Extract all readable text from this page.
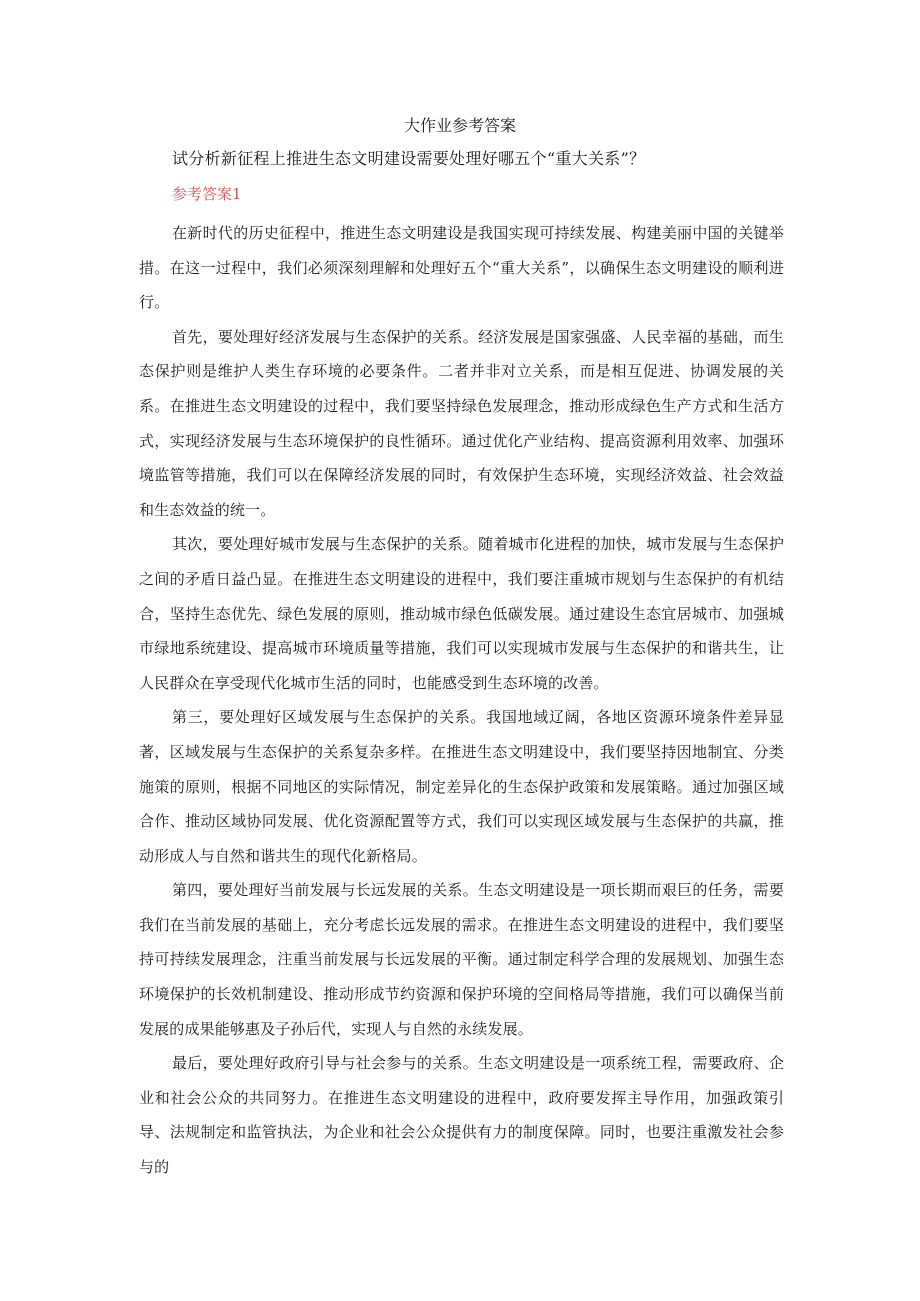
大作业参考答案
试分析新征程上推进生态文明建设需要处理好哪五个“重大关系”？
参考答案1

在新时代的历史征程中，推进生态文明建设是我国实现可持续发展、构建美丽中国的关键举措。在这一过程中，我们必须深刻理解和处理好五个“重大关系”，以确保生态文明建设的顺利进行。

首先，要处理好经济发展与生态保护的关系。经济发展是国家强盛、人民幸福的基础，而生态保护则是维护人类生存环境的必要条件。二者并非对立关系，而是相互促进、协调发展的关系。在推进生态文明建设的过程中，我们要坚持绿色发展理念，推动形成绿色生产方式和生活方式，实现经济发展与生态环境保护的良性循环。通过优化产业结构、提高资源利用效率、加强环境监管等措施，我们可以在保障经济发展的同时，有效保护生态环境，实现经济效益、社会效益和生态效益的统一。

其次，要处理好城市发展与生态保护的关系。随着城市化进程的加快，城市发展与生态保护之间的矛盾日益凸显。在推进生态文明建设的进程中，我们要注重城市规划与生态保护的有机结合，坚持生态优先、绿色发展的原则，推动城市绿色低碳发展。通过建设生态宜居城市、加强城市绿地系统建设、提高城市环境质量等措施，我们可以实现城市发展与生态保护的和谐共生，让人民群众在享受现代化城市生活的同时，也能感受到生态环境的改善。

第三，要处理好区域发展与生态保护的关系。我国地域辽阔，各地区资源环境条件差异显著，区域发展与生态保护的关系复杂多样。在推进生态文明建设中，我们要坚持因地制宜、分类施策的原则，根据不同地区的实际情况，制定差异化的生态保护政策和发展策略。通过加强区域合作、推动区域协同发展、优化资源配置等方式，我们可以实现区域发展与生态保护的共赢，推动形成人与自然和谐共生的现代化新格局。

第四，要处理好当前发展与长远发展的关系。生态文明建设是一项长期而艰巨的任务，需要我们在当前发展的基础上，充分考虑长远发展的需求。在推进生态文明建设的进程中，我们要坚持可持续发展理念，注重当前发展与长远发展的平衡。通过制定科学合理的发展规划、加强生态环境保护的长效机制建设、推动形成节约资源和保护环境的空间格局等措施，我们可以确保当前发展的成果能够惠及子孙后代，实现人与自然的永续发展。

最后，要处理好政府引导与社会参与的关系。生态文明建设是一项系统工程，需要政府、企业和社会公众的共同努力。在推进生态文明建设的进程中，政府要发挥主导作用，加强政策引导、法规制定和监管执法，为企业和社会公众提供有力的制度保障。同时，也要注重激发社会参与的
